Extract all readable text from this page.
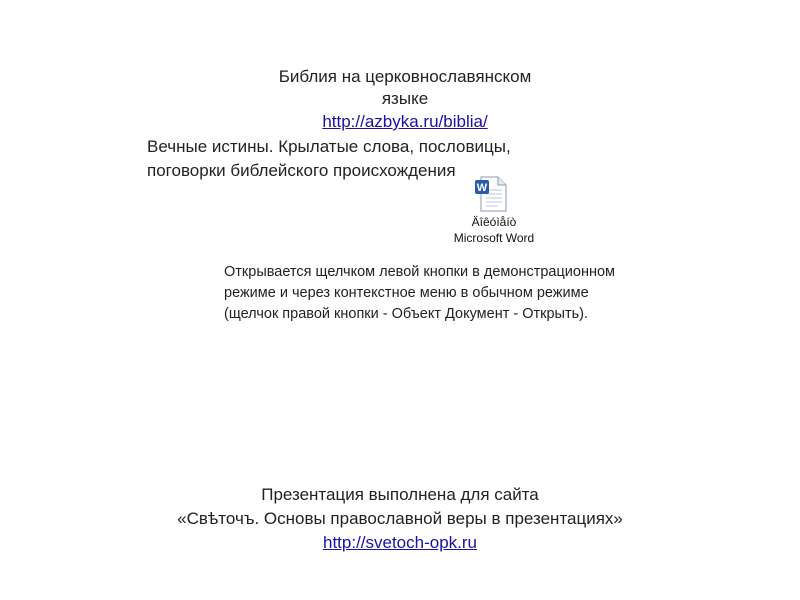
Библия на церковнославянском
языке
http://azbyka.ru/biblia/
Вечные истины. Крылатые слова, пословицы,
поговорки библейского происхождения
W
Äîêóìåíò
Microsoft Word
Открывается щелчком левой кнопки в демонстрационном
режиме и через контекстное меню в обычном режиме
(щелчок правой кнопки - Объект Документ - Открыть).
Презентация выполнена для сайта
«Свѣточъ. Основы православной веры в презентациях»
http://svetoch-opk.ru
